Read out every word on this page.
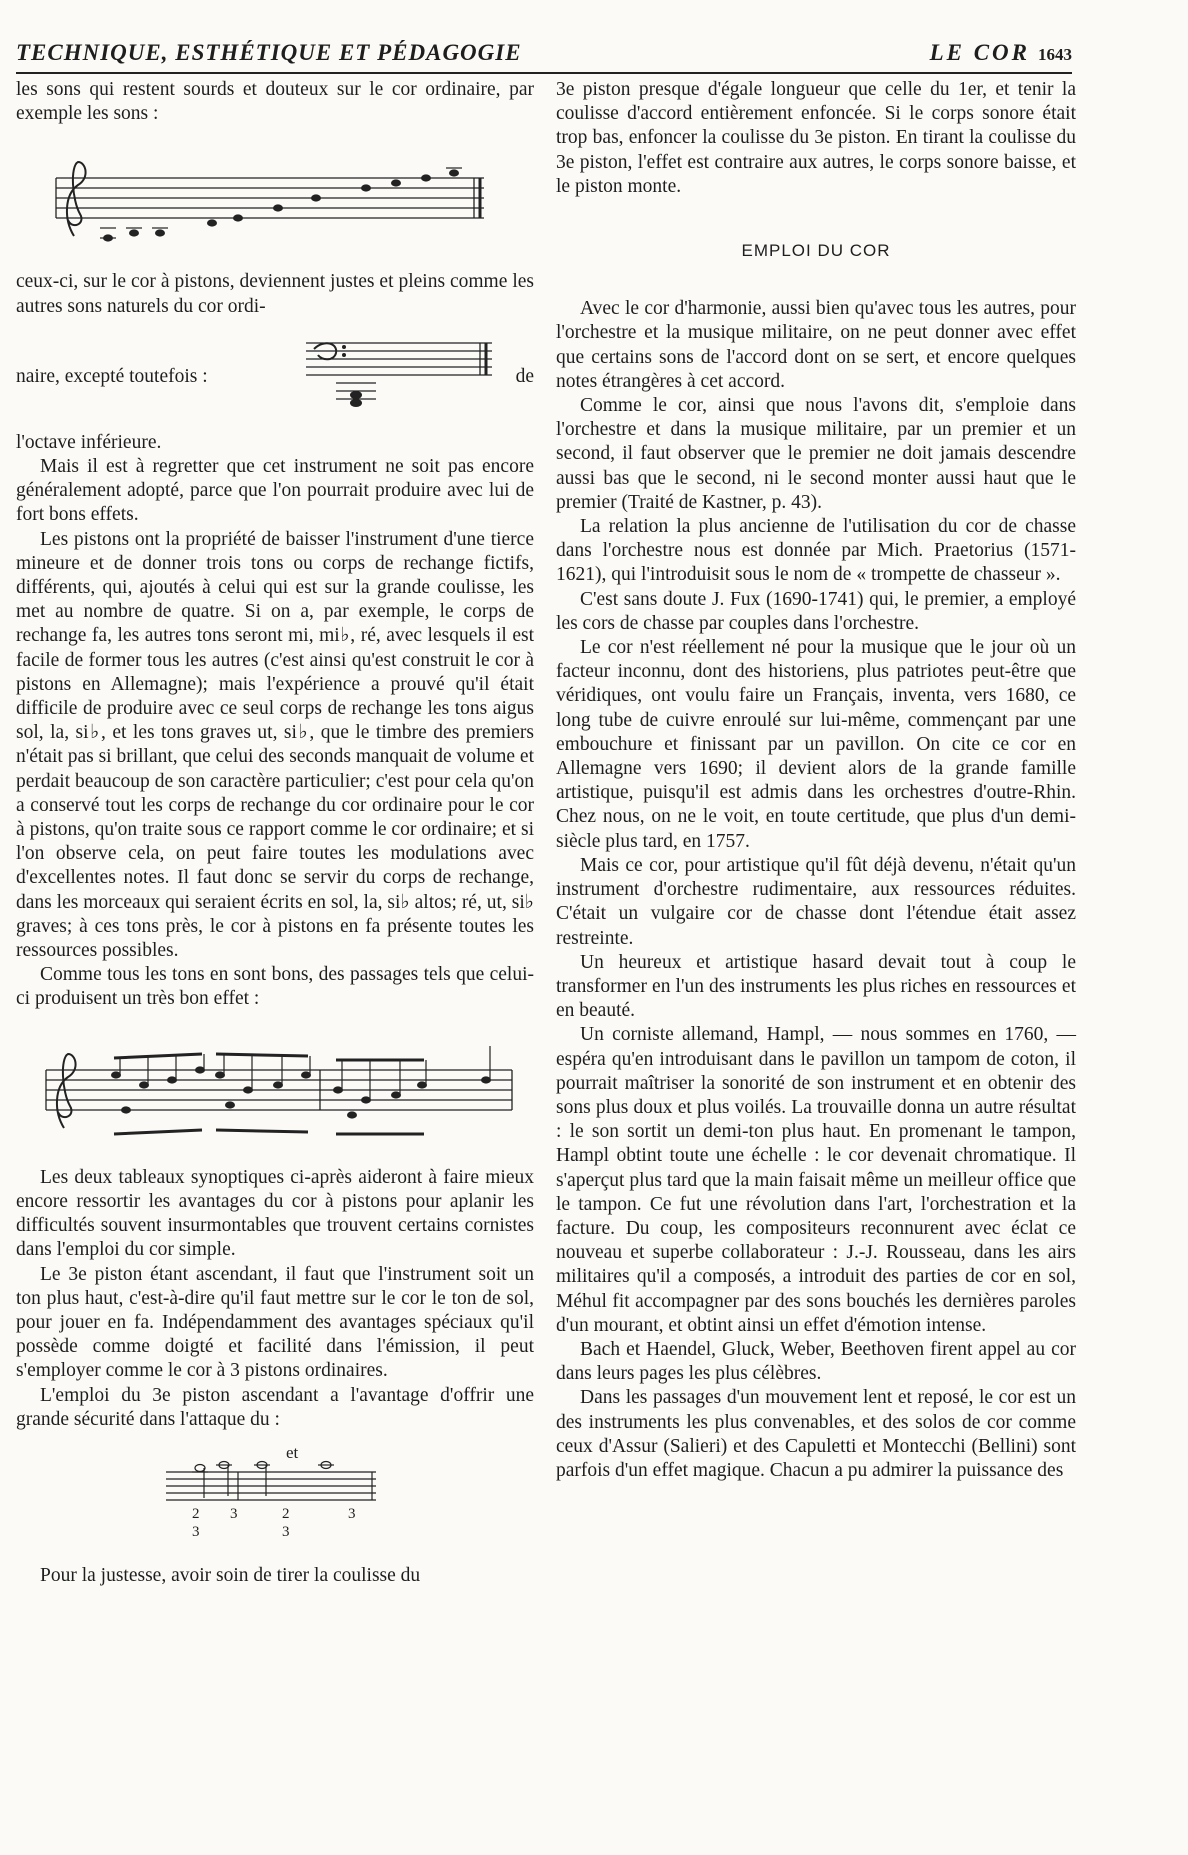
TECHNIQUE, ESTHÉTIQUE ET PÉDAGOGIE	LE COR 1643

les sons qui restent sourds et douteux sur le cor ordinaire, par exemple les sons :

ceux-ci, sur le cor à pistons, deviennent justes et pleins comme les autres sons naturels du cor ordi-

naire, excepté toutefois :	de

l'octave inférieure.

Mais il est à regretter que cet instrument ne soit pas encore généralement adopté, parce que l'on pourrait produire avec lui de fort bons effets.

Les pistons ont la propriété de baisser l'instrument d'une tierce mineure et de donner trois tons ou corps de rechange fictifs, différents, qui, ajoutés à celui qui est sur la grande coulisse, les met au nombre de quatre. Si on a, par exemple, le corps de rechange fa, les autres tons seront mi, mi♭, ré, avec lesquels il est facile de former tous les autres (c'est ainsi qu'est construit le cor à pistons en Allemagne); mais l'expérience a prouvé qu'il était difficile de produire avec ce seul corps de rechange les tons aigus sol, la, si♭, et les tons graves ut, si♭, que le timbre des premiers n'était pas si brillant, que celui des seconds manquait de volume et perdait beaucoup de son caractère particulier; c'est pour cela qu'on a conservé tout les corps de rechange du cor ordinaire pour le cor à pistons, qu'on traite sous ce rapport comme le cor ordinaire; et si l'on observe cela, on peut faire toutes les modulations avec d'excellentes notes. Il faut donc se servir du corps de rechange, dans les morceaux qui seraient écrits en sol, la, si♭ altos; ré, ut, si♭ graves; à ces tons près, le cor à pistons en fa présente toutes les ressources possibles.

Comme tous les tons en sont bons, des passages tels que celui-ci produisent un très bon effet :

Les deux tableaux synoptiques ci-après aideront à faire mieux encore ressortir les avantages du cor à pistons pour aplanir les difficultés souvent insurmontables que trouvent certains cornistes dans l'emploi du cor simple.

Le 3e piston étant ascendant, il faut que l'instrument soit un ton plus haut, c'est-à-dire qu'il faut mettre sur le cor le ton de sol, pour jouer en fa. Indépendamment des avantages spéciaux qu'il possède comme doigté et facilité dans l'émission, il peut s'employer comme le cor à 3 pistons ordinaires.

L'emploi du 3e piston ascendant a l'avantage d'offrir une grande sécurité dans l'attaque du :

et
2 3	2	3
3	3

Pour la justesse, avoir soin de tirer la coulisse du

3e piston presque d'égale longueur que celle du 1er, et tenir la coulisse d'accord entièrement enfoncée. Si le corps sonore était trop bas, enfoncer la coulisse du 3e piston. En tirant la coulisse du 3e piston, l'effet est contraire aux autres, le corps sonore baisse, et le piston monte.

EMPLOI DU COR

Avec le cor d'harmonie, aussi bien qu'avec tous les autres, pour l'orchestre et la musique militaire, on ne peut donner avec effet que certains sons de l'accord dont on se sert, et encore quelques notes étrangères à cet accord.

Comme le cor, ainsi que nous l'avons dit, s'emploie dans l'orchestre et dans la musique militaire, par un premier et un second, il faut observer que le premier ne doit jamais descendre aussi bas que le second, ni le second monter aussi haut que le premier (Traité de Kastner, p. 43).

La relation la plus ancienne de l'utilisation du cor de chasse dans l'orchestre nous est donnée par Mich. Praetorius (1571-1621), qui l'introduisit sous le nom de « trompette de chasseur ».

C'est sans doute J. Fux (1690-1741) qui, le premier, a employé les cors de chasse par couples dans l'orchestre.

Le cor n'est réellement né pour la musique que le jour où un facteur inconnu, dont des historiens, plus patriotes peut-être que véridiques, ont voulu faire un Français, inventa, vers 1680, ce long tube de cuivre enroulé sur lui-même, commençant par une embouchure et finissant par un pavillon. On cite ce cor en Allemagne vers 1690; il devient alors de la grande famille artistique, puisqu'il est admis dans les orchestres d'outre-Rhin. Chez nous, on ne le voit, en toute certitude, que plus d'un demi-siècle plus tard, en 1757.

Mais ce cor, pour artistique qu'il fût déjà devenu, n'était qu'un instrument d'orchestre rudimentaire, aux ressources réduites. C'était un vulgaire cor de chasse dont l'étendue était assez restreinte.

Un heureux et artistique hasard devait tout à coup le transformer en l'un des instruments les plus riches en ressources et en beauté.

Un corniste allemand, Hampl, — nous sommes en 1760, — espéra qu'en introduisant dans le pavillon un tampom de coton, il pourrait maîtriser la sonorité de son instrument et en obtenir des sons plus doux et plus voilés. La trouvaille donna un autre résultat : le son sortit un demi-ton plus haut. En promenant le tampon, Hampl obtint toute une échelle : le cor devenait chromatique. Il s'aperçut plus tard que la main faisait même un meilleur office que le tampon. Ce fut une révolution dans l'art, l'orchestration et la facture. Du coup, les compositeurs reconnurent avec éclat ce nouveau et superbe collaborateur : J.-J. Rousseau, dans les airs militaires qu'il a composés, a introduit des parties de cor en sol, Méhul fit accompagner par des sons bouchés les dernières paroles d'un mourant, et obtint ainsi un effet d'émotion intense.

Bach et Haendel, Gluck, Weber, Beethoven firent appel au cor dans leurs pages les plus célèbres.

Dans les passages d'un mouvement lent et reposé, le cor est un des instruments les plus convenables, et des solos de cor comme ceux d'Assur (Salieri) et des Capuletti et Montecchi (Bellini) sont parfois d'un effet magique. Chacun a pu admirer la puissance des
